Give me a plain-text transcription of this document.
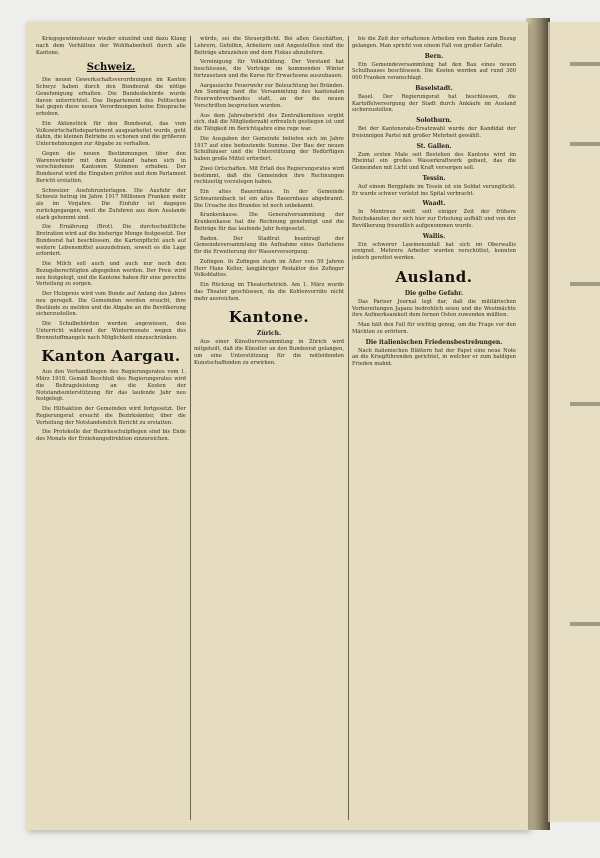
Kriegsgewinnsteuer wieder einzelnd und dazu Klang nach dem Verhältnis der Wohlhabenheit durch alle Kantone.

Schweiz.

Die neuen Gewerkschaftsverordnungen im Kanton Schwyz haben durch den Bundesrat die nötige Genehmigung erhalten. Die Bundesbehörde wurde davon unterrichtet. Das Departement des Politischen hat gegen diese neuen Verordnungen keine Einsprache erhoben.

Ein Aktenstück für den Bundesrat, das vom Volkswirtschaftsdepartement ausgearbeitet wurde, geht dahin, die kleinen Betriebe zu schonen und die größeren Unternehmungen zur Abgabe zu verhalten.

Gegen die neuen Bestimmungen über den Warenverkehr mit dem Ausland haben sich in verschiedenen Kantonen Stimmen erhoben. Der Bundesrat wird die Eingaben prüfen und dem Parlament Bericht erstatten.

Schweizer Ausfuhrunterlagen. Die Ausfuhr der Schweiz betrug im Jahre 1917 Millionen Franken mehr als im Vorjahre. Die Einfuhr ist dagegen zurückgegangen, weil die Zufuhren aus dem Auslande stark gehemmt sind.

Die Ernährung (Brot). Die durchschnittliche Brotration wird auf die bisherige Menge festgesetzt. Der Bundesrat hat beschlossen, die Kartenpflicht auch auf weitere Lebensmittel auszudehnen, soweit es die Lage erfordert.

Die Milch soll auch und auch nur noch den Bezugsberechtigten abgegeben werden. Der Preis wird neu festgelegt, und die Kantone haben für eine gerechte Verteilung zu sorgen.

Der Holzpreis wird vom Bunde auf Anfang des Jahres neu geregelt. Die Gemeinden werden ersucht, ihre Bestände zu melden und die Abgabe an die Bevölkerung sicherzustellen.

Die Schulbehörden werden angewiesen, den Unterricht während der Wintermonate wegen des Brennstoffmangels nach Möglichkeit einzuschränken.

Kanton Aargau.

Aus den Verhandlungen des Regierungsrates vom 1. März 1918. Gemäß Beschluß des Regierungsrates wird die Beitragsleistung an die Kosten der Notstandsunterstützung für das laufende Jahr neu festgelegt.

Die Hilfsaktion der Gemeinden wird fortgesetzt. Der Regierungsrat ersucht die Bezirksämter, über die Verteilung der Notstandsmilch Bericht zu erstatten.

Die Protokolle der Bezirksschulpflegen sind bis Ende des Monats der Erziehungsdirektion einzureichen.

würde, sei die Steuerpflicht. Bei allen Geschäften, Lehrern, Gehilfen, Arbeitern und Angestellten sind die Beiträge abzuziehen und dem Fiskus abzuliefern.

Vereinigung für Volksbildung. Der Vorstand hat beschlossen, die Vorträge im kommenden Winter fortzusetzen und die Kurse für Erwachsene auszubauen.

Aargauische Feuerwehr zur Beleuchtung bei Bränden. Am Sonntag fand die Versammlung des kantonalen Feuerwehrverbandes statt, an der die neuen Vorschriften besprochen wurden.

Aus dem Jahresbericht des Zentralkomitees ergibt sich, daß die Mitgliederzahl erfreulich gestiegen ist und die Tätigkeit im Berichtsjahre eine rege war.

Die Ausgaben der Gemeinde beliefen sich im Jahre 1917 auf eine bedeutende Summe. Der Bau der neuen Schulhäuser und die Unterstützung der Bedürftigen haben große Mittel erfordert.

Zwei Ortschaften. Mit Erlaß des Regierungsrates wird bestimmt, daß die Gemeinden ihre Rechnungen rechtzeitig vorzulegen haben.

Ein altes Bauernhaus. In der Gemeinde Schwarzenbach ist ein altes Bauernhaus abgebrannt. Die Ursache des Brandes ist noch unbekannt.

Krankenkasse. Die Generalversammlung der Krankenkasse hat die Rechnung genehmigt und die Beiträge für das laufende Jahr festgesetzt.

Baden. Der Stadtrat beantragt der Gemeindeversammlung die Aufnahme eines Darlehens für die Erweiterung der Wasserversorgung.

Zofingen. In Zofingen starb im Alter von 59 Jahren Herr Hans Keller, langjähriger Redaktor des Zofinger Volksblattes.

Ein Rückzug im Theaterbetrieb. Am 1. März wurde das Theater geschlossen, da die Kohlenvorräte nicht mehr ausreichen.

Kantone.
Zürich.

Aus einer Künstlerversammlung in Zürich wird mitgeteilt, daß die Künstler an den Bundesrat gelangen, um eine Unterstützung für die notleidenden Kunstschaffenden zu erwirken.

bis die Zeit der erhaltenen Arbeiten von Baden zum Bezug gelangen. Man spricht von einem Fall von großer Gefahr.

Bern.

Ein Gemeindeversammlung hat den Bau eines neuen Schulhauses beschlossen. Die Kosten werden auf rund 300 000 Franken veranschlagt.

Baselstadt.

Basel. Der Regierungsrat hat beschlossen, die Kartoffelversorgung der Stadt durch Ankäufe im Ausland sicherzustellen.

Solothurn.

Bei der Kantonsrats-Ersatzwahl wurde der Kandidat der freisinnigen Partei mit großer Mehrheit gewählt.

St. Gallen.

Zum ersten Male seit Bestehen des Kantons wird im Rheintal ein großes Wasserkraftwerk gebaut, das die Gemeinden mit Licht und Kraft versorgen soll.

Tessin.

Auf einem Bergpfade im Tessin ist ein Soldat verunglückt. Er wurde schwer verletzt ins Spital verbracht.

Waadt.

In Montreux weilt seit einiger Zeit der frühere Reichskanzler, der sich hier zur Erholung aufhält und von der Bevölkerung freundlich aufgenommen wurde.

Wallis.

Ein schwerer Lawinenunfall hat sich im Oberwallis ereignet. Mehrere Arbeiter wurden verschüttet, konnten jedoch gerettet werden.

Ausland.
Die gelbe Gefahr.

Das Pariser Journal legt dar, daß die militärischen Vorbereitungen Japans bedrohlich seien und die Westmächte ihre Aufmerksamkeit dem fernen Osten zuwenden müßten.

Man hält den Fall für wichtig genug, um die Frage vor den Mächten zu erörtern.

Die italienischen Friedensbestrebungen.

Nach italienischen Blättern hat der Papst eine neue Note an die Kriegführenden gerichtet, in welcher er zum baldigen Frieden mahnt.
